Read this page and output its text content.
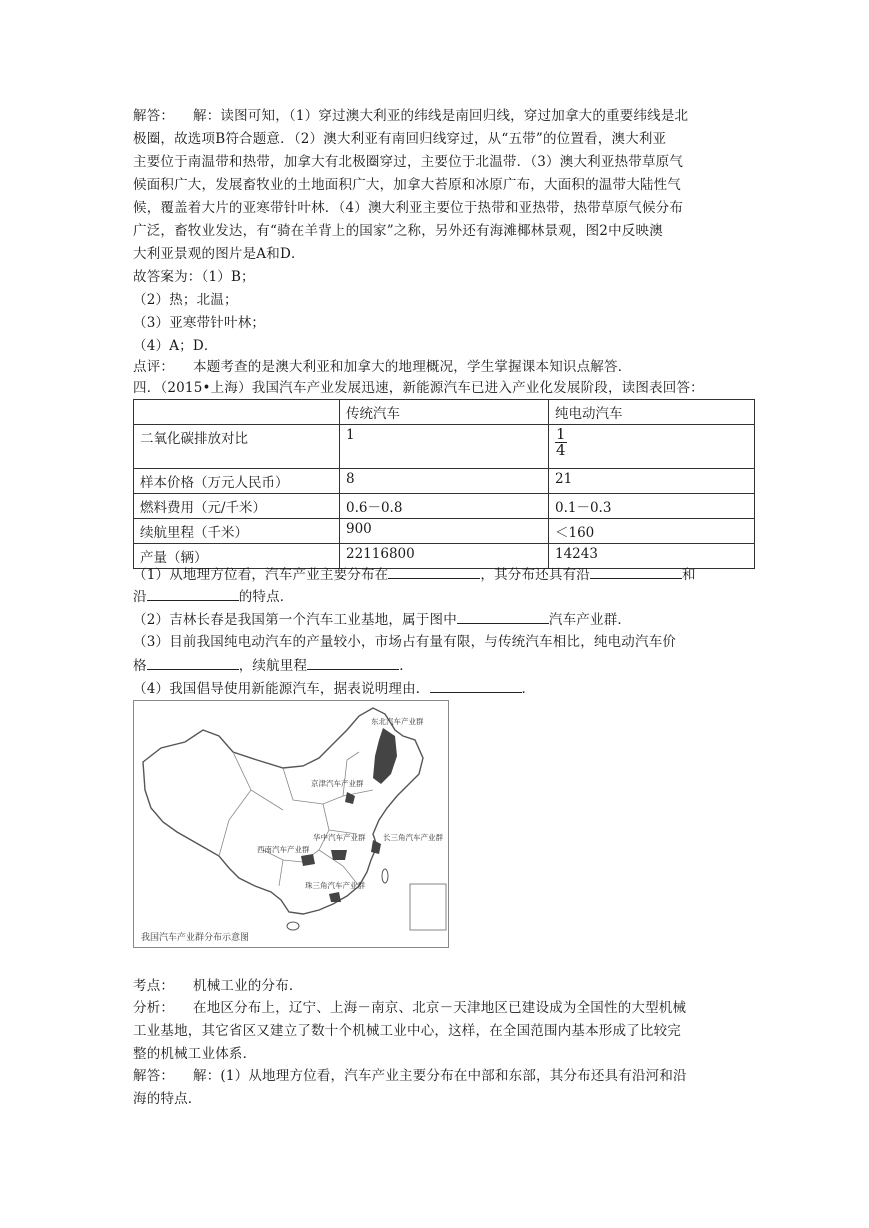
解答： 解：读图可知，（1）穿过澳大利亚的纬线是南回归线，穿过加拿大的重要纬线是北
极圈，故选项B符合题意．（2）澳大利亚有南回归线穿过，从“五带”的位置看，澳大利亚
主要位于南温带和热带，加拿大有北极圈穿过，主要位于北温带．（3）澳大利亚热带草原气
候面积广大，发展畜牧业的土地面积广大，加拿大苔原和冰原广布，大面积的温带大陆性气
候，覆盖着大片的亚寒带针叶林．（4）澳大利亚主要位于热带和亚热带，热带草原气候分布
广泛，畜牧业发达，有“骑在羊背上的国家”之称，另外还有海滩椰林景观，图2中反映澳
大利亚景观的图片是A和D．
故答案为：（1）B；
（2）热；北温；
（3）亚寒带针叶林；
（4）A；D．
点评： 本题考查的是澳大利亚和加拿大的地理概况，学生掌握课本知识点解答．
四．（2015•上海）我国汽车产业发展迅速，新能源汽车已进入产业化发展阶段，读图表回答：
	传统汽车	纯电动汽车
二氧化碳排放对比	1	$\frac{1}{4}$

样本价格（万元人民币）	8	21
燃料费用（元/千米）	0.6－0.8	0.1－0.3
续航里程（千米）	900	＜160
产量（辆）	22116800	14243
（1）从地理方位看，汽车产业主要分布在	，其分布还具有沿	和
沿	的特点．
（2）吉林长春是我国第一个汽车工业基地，属于图中	汽车产业群．
（3）目前我国纯电动汽车的产量较小，市场占有量有限，与传统汽车相比，纯电动汽车价
格	，续航里程	．
（4）我国倡导使用新能源汽车，据表说明理由．	．
东北汽车产业群
京津汽车产业群
长三角汽车产业群
西南汽车产业群
华中汽车产业群
珠三角汽车产业群
我国汽车产业群分布示意图
考点： 机械工业的分布．
分析： 在地区分布上，辽宁、上海－南京、北京－天津地区已建设成为全国性的大型机械
工业基地，其它省区又建立了数十个机械工业中心，这样，在全国范围内基本形成了比较完
整的机械工业体系．
解答： 解：(1）从地理方位看，汽车产业主要分布在中部和东部，其分布还具有沿河和沿
海的特点．
